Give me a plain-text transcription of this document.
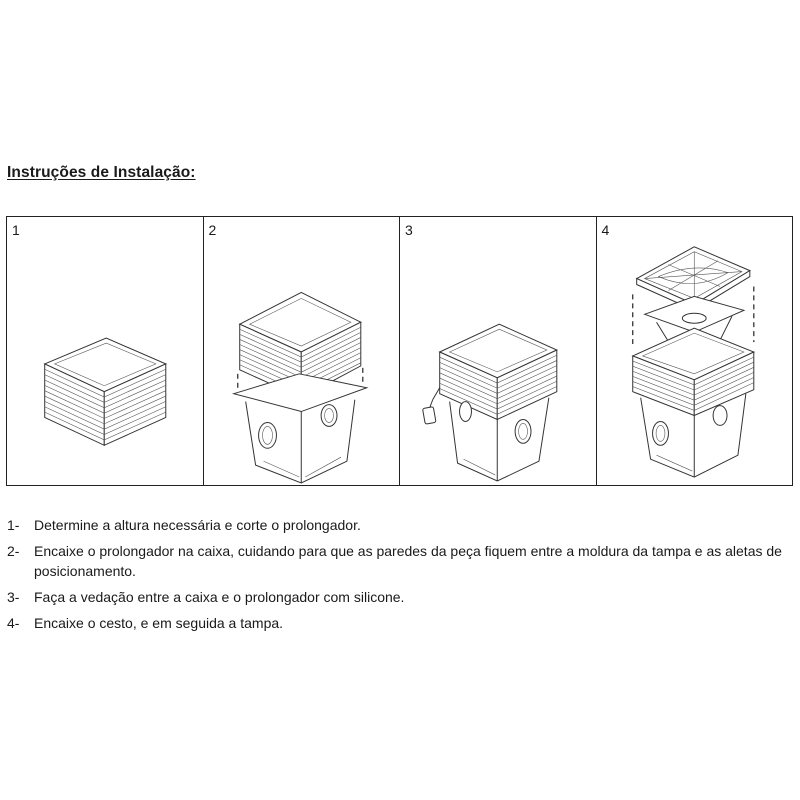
Instruções de Instalação:
1	2	3	4
1- Determine a altura necessária e corte o prolongador.
2- Encaixe o prolongador na caixa, cuidando para que as paredes da peça fiquem entre a moldura da tampa e as aletas de posicionamento.
3- Faça a vedação entre a caixa e o prolongador com silicone.
4- Encaixe o cesto, e em seguida a tampa.
